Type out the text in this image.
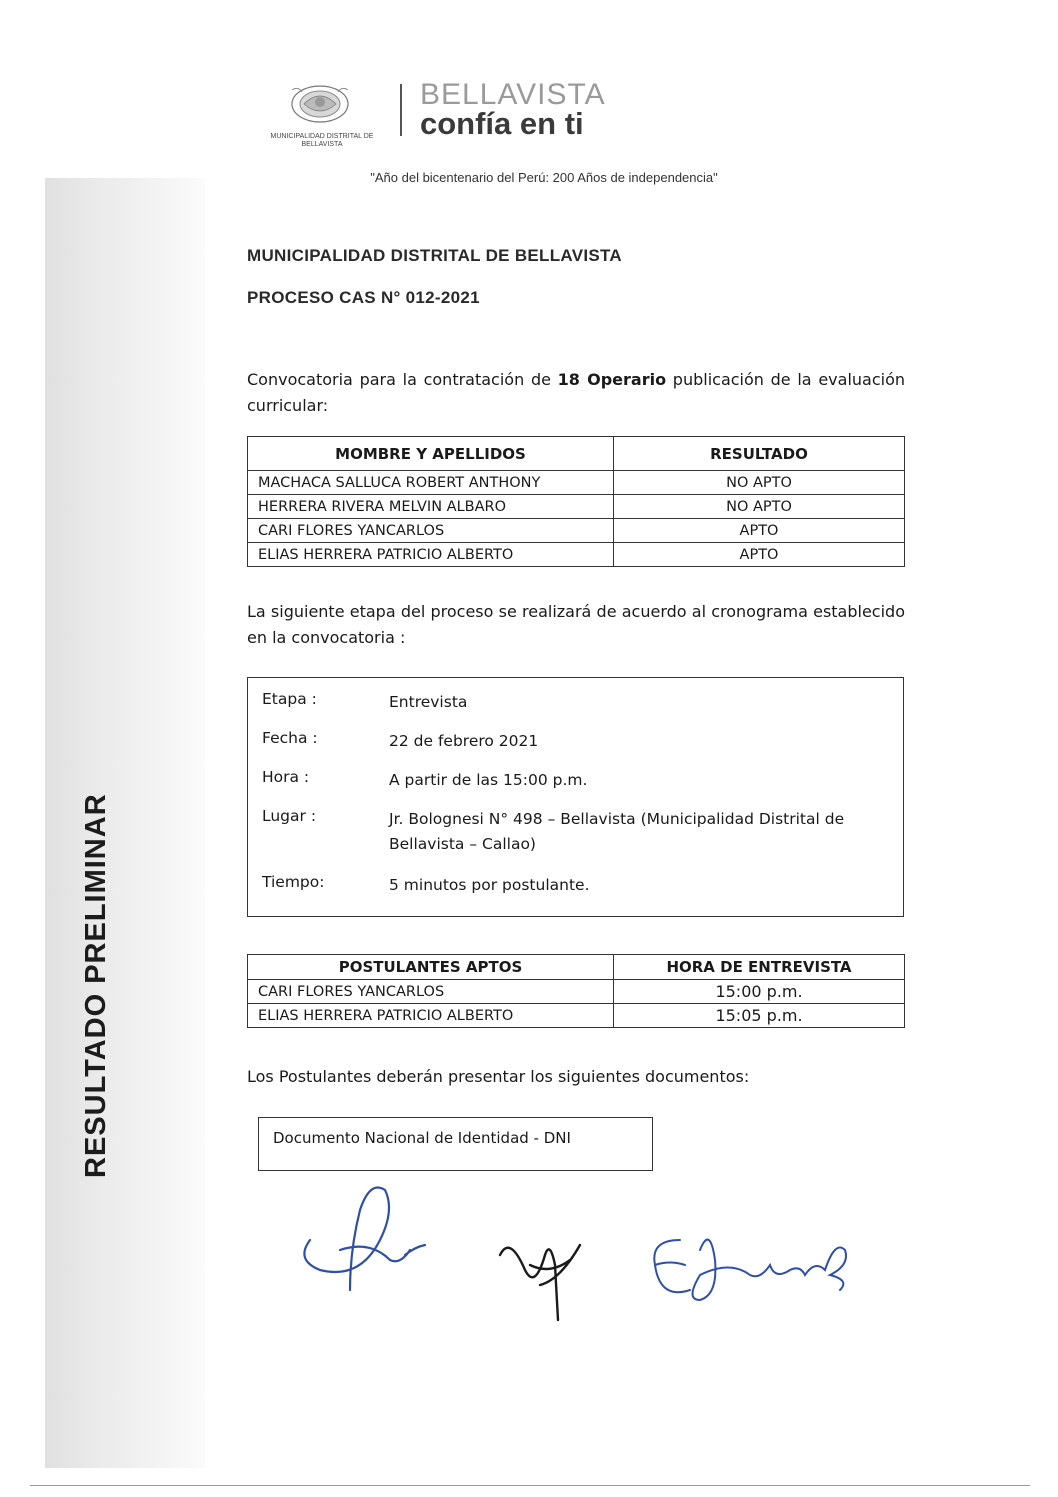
RESULTADO PRELIMINAR
MUNICIPALIDAD DISTRITAL DE BELLAVISTA
BELLAVISTA
confía en ti
"Año del bicentenario del Perú: 200 Años de independencia"
MUNICIPALIDAD DISTRITAL DE BELLAVISTA
PROCESO CAS N° 012-2021
Convocatoria para la contratación de 18 Operario publicación de la evaluación curricular:
MOMBRE Y APELLIDOS	RESULTADO
MACHACA SALLUCA ROBERT ANTHONY	NO APTO
HERRERA RIVERA MELVIN ALBARO	NO APTO
CARI FLORES YANCARLOS	APTO
ELIAS HERRERA PATRICIO ALBERTO	APTO
La siguiente etapa del proceso se realizará de acuerdo al cronograma establecido en la convocatoria :
Etapa :	Entrevista
Fecha :	22 de febrero 2021
Hora :	A partir de las 15:00 p.m.
Lugar :	Jr. Bolognesi N° 498 – Bellavista (Municipalidad Distrital de Bellavista – Callao)
Tiempo:	5 minutos por postulante.
POSTULANTES APTOS	HORA DE ENTREVISTA
CARI FLORES YANCARLOS	15:00 p.m.
ELIAS HERRERA PATRICIO ALBERTO	15:05 p.m.
Los Postulantes deberán presentar los siguientes documentos:
Documento Nacional de Identidad - DNI
